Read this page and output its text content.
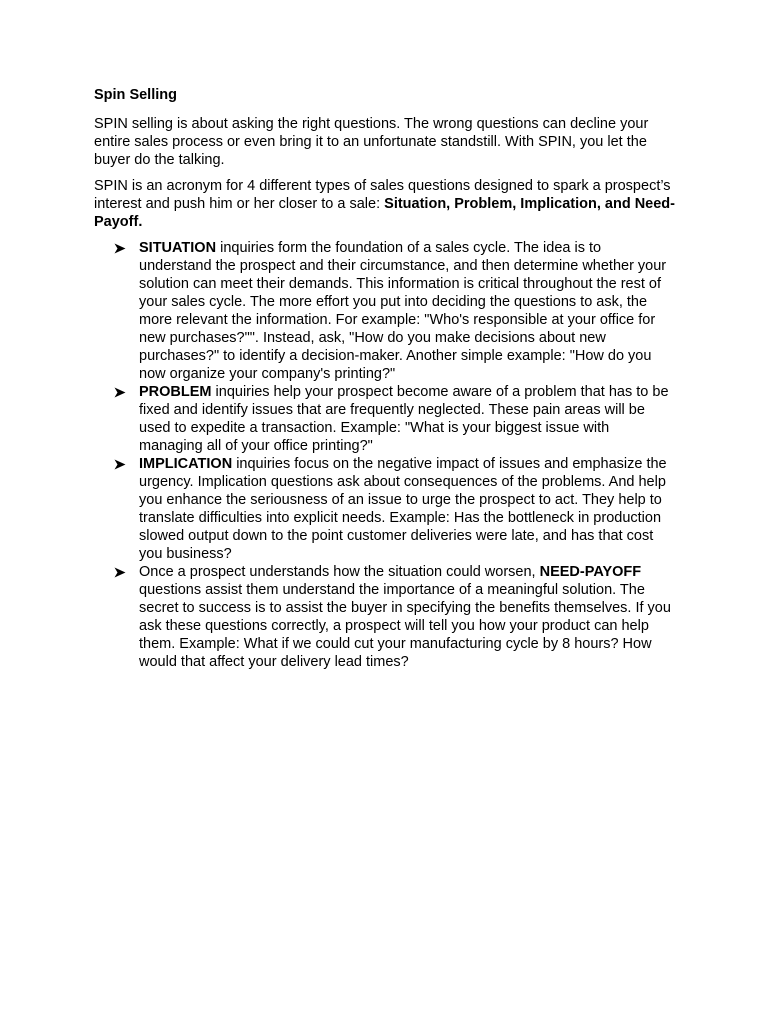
Spin Selling

SPIN selling is about asking the right questions. The wrong questions can decline your entire sales process or even bring it to an unfortunate standstill. With SPIN, you let the buyer do the talking.

SPIN is an acronym for 4 different types of sales questions designed to spark a prospect’s interest and push him or her closer to a sale: Situation, Problem, Implication, and Need-Payoff.

SITUATION inquiries form the foundation of a sales cycle. The idea is to understand the prospect and their circumstance, and then determine whether your solution can meet their demands. This information is critical throughout the rest of your sales cycle. The more effort you put into deciding the questions to ask, the more relevant the information. For example: "Who's responsible at your office for new purchases?"". Instead, ask, "How do you make decisions about new purchases?" to identify a decision-maker. Another simple example: "How do you now organize your company's printing?"
PROBLEM inquiries help your prospect become aware of a problem that has to be fixed and identify issues that are frequently neglected. These pain areas will be used to expedite a transaction. Example: "What is your biggest issue with managing all of your office printing?"
IMPLICATION inquiries focus on the negative impact of issues and emphasize the urgency. Implication questions ask about consequences of the problems. And help you enhance the seriousness of an issue to urge the prospect to act. They help to translate difficulties into explicit needs. Example: Has the bottleneck in production slowed output down to the point customer deliveries were late, and has that cost you business?
Once a prospect understands how the situation could worsen, NEED-PAYOFF questions assist them understand the importance of a meaningful solution. The secret to success is to assist the buyer in specifying the benefits themselves. If you ask these questions correctly, a prospect will tell you how your product can help them. Example: What if we could cut your manufacturing cycle by 8 hours? How would that affect your delivery lead times?
